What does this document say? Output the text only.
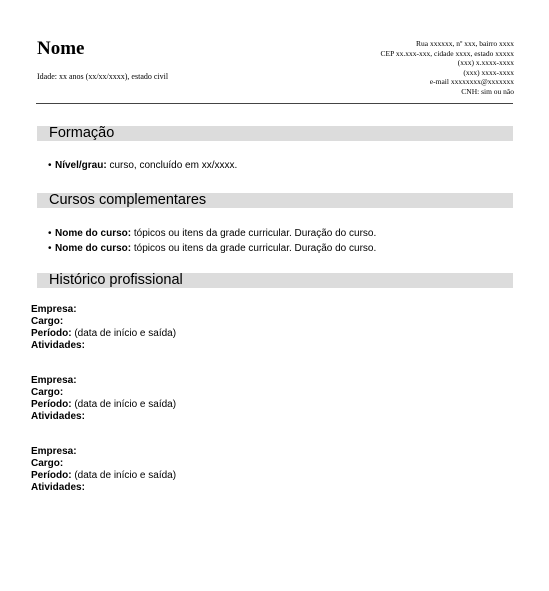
Nome
Idade: xx anos (xx/xx/xxxx), estado civil
Rua xxxxxx, nº xxx, bairro xxxx
CEP xx.xxx-xxx, cidade xxxx, estado xxxxx
(xxx) x.xxxx-xxxx
(xxx) xxxx-xxxx
e-mail xxxxxxxx@xxxxxxx
CNH: sim ou não
Formação
• Nível/grau: curso, concluído em xx/xxxx.
Cursos complementares
• Nome do curso: tópicos ou itens da grade curricular. Duração do curso.
• Nome do curso: tópicos ou itens da grade curricular. Duração do curso.
Histórico profissional
Empresa:
Cargo:
Período: (data de início e saída)
Atividades:
Empresa:
Cargo:
Período: (data de início e saída)
Atividades:
Empresa:
Cargo:
Período: (data de início e saída)
Atividades:
